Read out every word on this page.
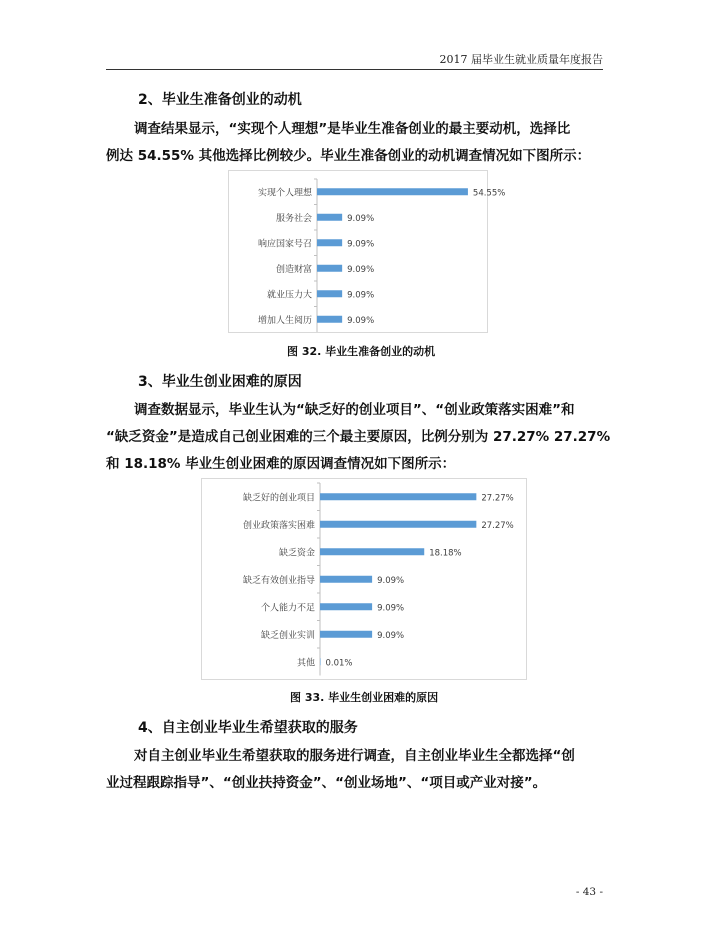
2017 届毕业生就业质量年度报告
2、毕业生准备创业的动机
调查结果显示，“实现个人理想”是毕业生准备创业的最主要动机，选择比
例达 54.55% 其他选择比例较少。毕业生准备创业的动机调查情况如下图所示：
实现个人理想	54.55%
服务社会	9.09%
响应国家号召	9.09%
创造财富	9.09%
就业压力大	9.09%
增加人生阅历	9.09%
图 32. 毕业生准备创业的动机
3、毕业生创业困难的原因
调查数据显示，毕业生认为“缺乏好的创业项目”、“创业政策落实困难”和
“缺乏资金”是造成自己创业困难的三个最主要原因，比例分别为 27.27% 27.27%
和 18.18% 毕业生创业困难的原因调查情况如下图所示：
缺乏好的创业项目	27.27%
创业政策落实困难	27.27%
缺乏资金	18.18%
缺乏有效创业指导	9.09%
个人能力不足	9.09%
缺乏创业实训	9.09%
其他 0.01%
图 33. 毕业生创业困难的原因
4、自主创业毕业生希望获取的服务
对自主创业毕业生希望获取的服务进行调查，自主创业毕业生全都选择“创
业过程跟踪指导”、“创业扶持资金”、“创业场地”、“项目或产业对接”。
- 43 -
